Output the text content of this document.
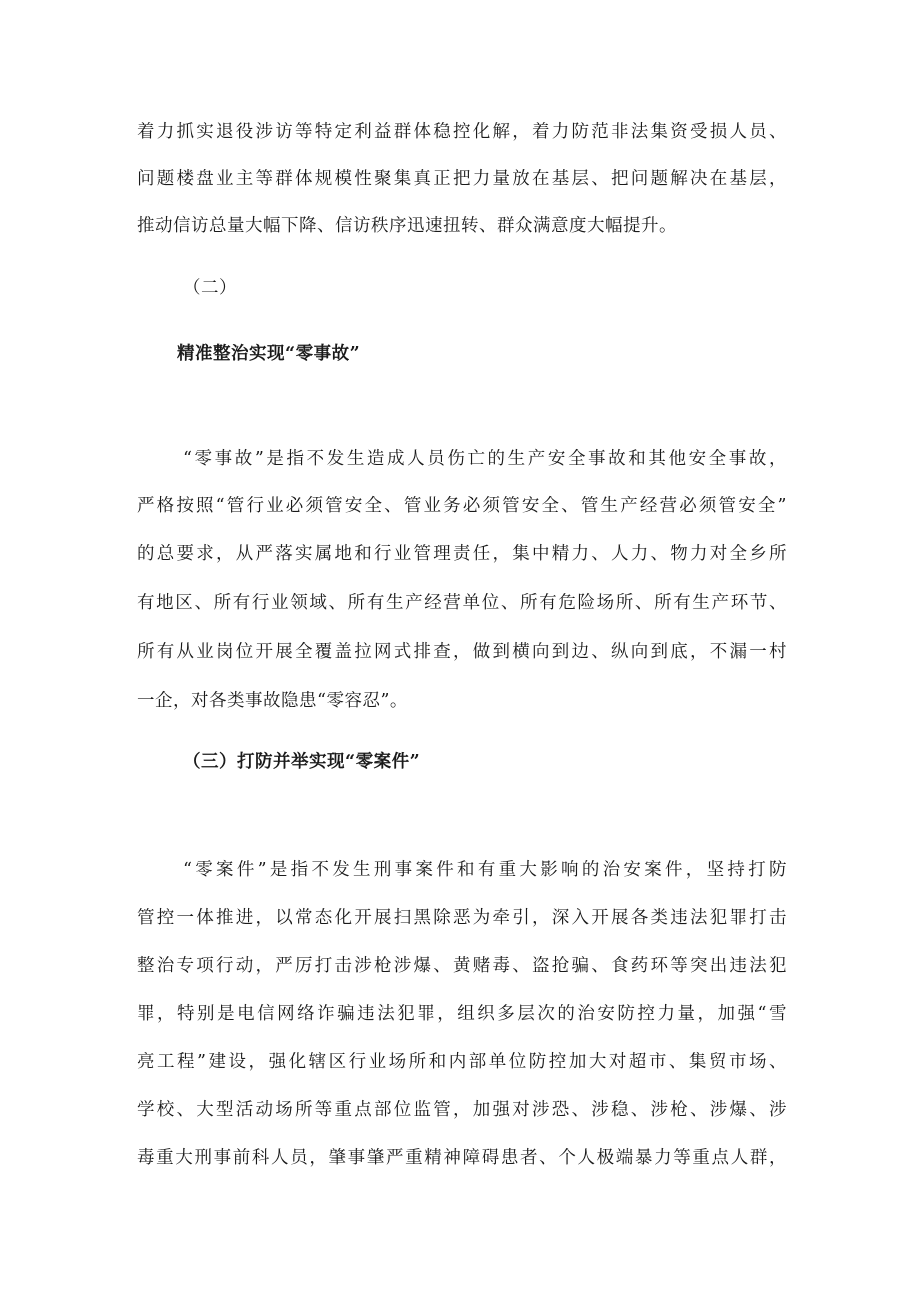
着力抓实退役涉访等特定利益群体稳控化解，着力防范非法集资受损人员、
问题楼盘业主等群体规模性聚集真正把力量放在基层、把问题解决在基层，
推动信访总量大幅下降、信访秩序迅速扭转、群众满意度大幅提升。
（二）
精准整治实现“零事故”
“零事故”是指不发生造成人员伤亡的生产安全事故和其他安全事故，
严格按照“管行业必须管安全、管业务必须管安全、管生产经营必须管安全”
的总要求，从严落实属地和行业管理责任，集中精力、人力、物力对全乡所
有地区、所有行业领域、所有生产经营单位、所有危险场所、所有生产环节、
所有从业岗位开展全覆盖拉网式排查，做到横向到边、纵向到底，不漏一村
一企，对各类事故隐患“零容忍”。
（三）打防并举实现“零案件”
“零案件”是指不发生刑事案件和有重大影响的治安案件，坚持打防
管控一体推进，以常态化开展扫黑除恶为牵引，深入开展各类违法犯罪打击
整治专项行动，严厉打击涉枪涉爆、黄赌毒、盗抢骗、食药环等突出违法犯
罪，特别是电信网络诈骗违法犯罪，组织多层次的治安防控力量，加强“雪
亮工程”建设，强化辖区行业场所和内部单位防控加大对超市、集贸市场、
学校、大型活动场所等重点部位监管，加强对涉恐、涉稳、涉枪、涉爆、涉
毒重大刑事前科人员，肇事肇严重精神障碍患者、个人极端暴力等重点人群，
